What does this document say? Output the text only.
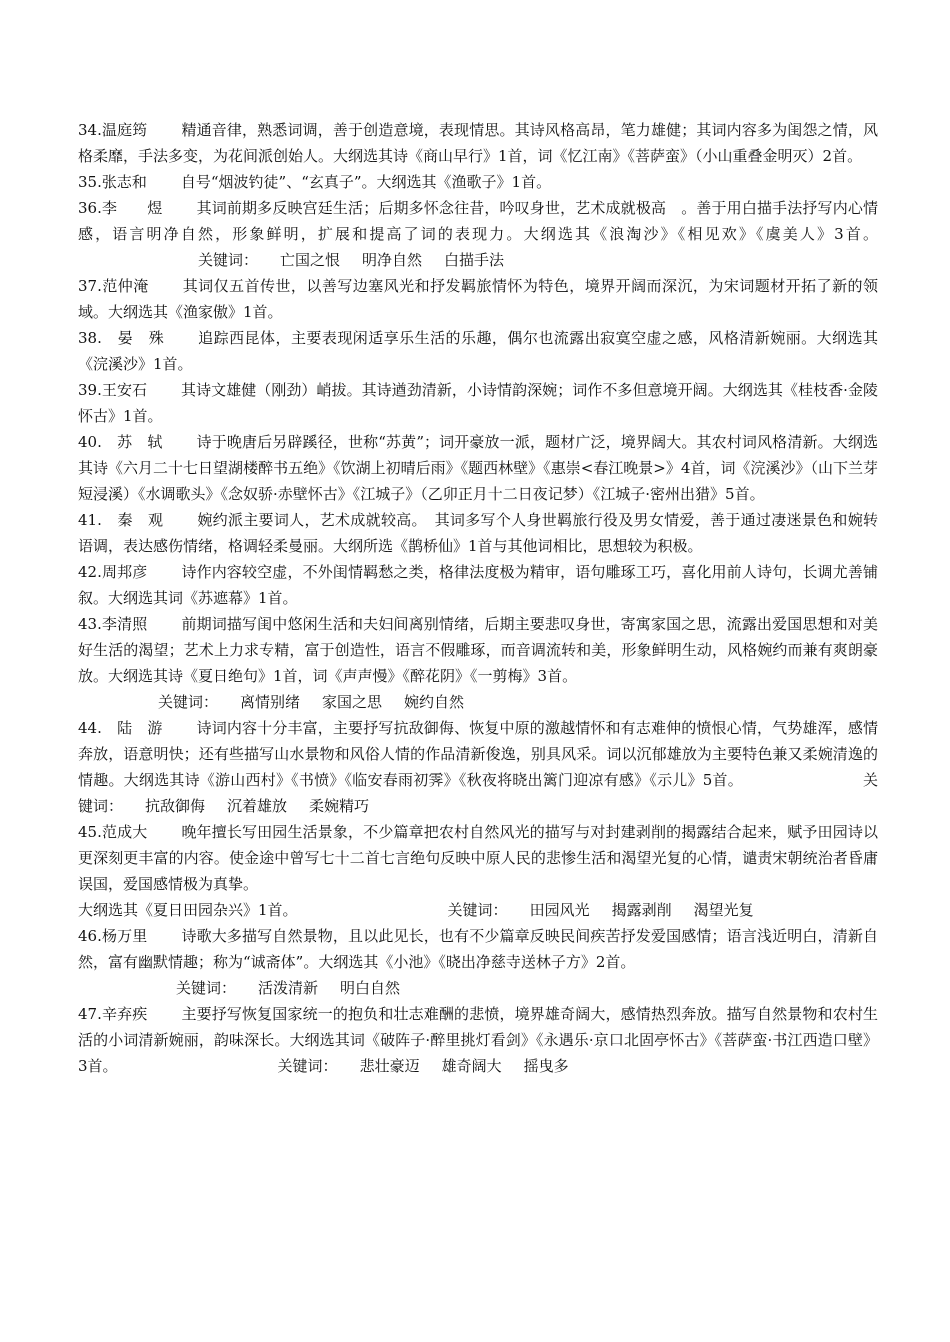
34.温庭筠 精通音律，熟悉词调，善于创造意境，表现情思。其诗风格高昂，笔力雄健；其词内容多为闺怨之情，风格柔靡，手法多变，为花间派创始人。大纲选其诗《商山早行》1首，词《忆江南》《菩萨蛮》（小山重叠金明灭）2首。

35.张志和 自号“烟波钓徒”、“玄真子”。大纲选其《渔歌子》1首。

36.李　　煜 其词前期多反映宫廷生活；后期多怀念往昔，吟叹身世，艺术成就极高　。善于用白描手法抒写内心情感，语言明净自然，形象鲜明，扩展和提高了词的表现力。大纲选其《浪淘沙》《相见欢》《虞美人》3首。关键词： 亡国之恨 明净自然 白描手法

37.范仲淹 其词仅五首传世，以善写边塞风光和抒发羁旅情怀为特色，境界开阔而深沉，为宋词题材开拓了新的领域。大纲选其《渔家傲》1首。

38.　晏　殊 追踪西昆体，主要表现闲适享乐生活的乐趣，偶尔也流露出寂寞空虚之感，风格清新婉丽。大纲选其《浣溪沙》1首。

39.王安石 其诗文雄健（刚劲）峭拔。其诗遒劲清新，小诗情韵深婉；词作不多但意境开阔。大纲选其《桂枝香·金陵怀古》1首。

40.　苏　轼 诗于晚唐后另辟蹊径，世称“苏黄”；词开豪放一派，题材广泛，境界阔大。其农村词风格清新。大纲选其诗《六月二十七日望湖楼醉书五绝》《饮湖上初晴后雨》《题西林壁》《惠崇<春江晚景>》4首，词《浣溪沙》（山下兰芽短浸溪）《水调歌头》《念奴骄·赤壁怀古》《江城子》（乙卯正月十二日夜记梦）《江城子·密州出猎》5首。

41.　秦　观 婉约派主要词人，艺术成就较高。　其词多写个人身世羁旅行役及男女情爱，善于通过凄迷景色和婉转语调，表达感伤情绪，格调轻柔曼丽。大纲所选《鹊桥仙》1首与其他词相比，思想较为积极。

42.周邦彦 诗作内容较空虚，不外闺情羁愁之类，格律法度极为精审，语句雕琢工巧，喜化用前人诗句，长调尤善铺叙。大纲选其词《苏遮幕》1首。

43.李清照 前期词描写闺中悠闲生活和夫妇间离别情绪，后期主要悲叹身世，寄寓家国之思，流露出爱国思想和对美好生活的渴望；艺术上力求专精，富于创造性，语言不假雕琢，而音调流转和美，形象鲜明生动，风格婉约而兼有爽朗豪放。大纲选其诗《夏日绝句》1首，词《声声慢》《醉花阴》《一剪梅》3首。
关键词： 离情别绪 家国之思 婉约自然

44.　陆　游 诗词内容十分丰富，主要抒写抗敌御侮、恢复中原的激越情怀和有志难伸的愤恨心情，气势雄浑，感情奔放，语意明快；还有些描写山水景物和风俗人情的作品清新俊逸，别具风采。词以沉郁雄放为主要特色兼又柔婉清逸的情趣。大纲选其诗《游山西村》《书愤》《临安春雨初霁》《秋夜将晓出篱门迎凉有感》《示儿》5首。	关键词： 抗敌御侮 沉着雄放 柔婉精巧

45.范成大 晚年擅长写田园生活景象，不少篇章把农村自然风光的描写与对封建剥削的揭露结合起来，赋予田园诗以更深刻更丰富的内容。使金途中曾写七十二首七言绝句反映中原人民的悲惨生活和渴望光复的心情，谴责宋朝统治者昏庸误国，爱国感情极为真挚。
大纲选其《夏日田园杂兴》1首。	关键词： 田园风光 揭露剥削 渴望光复

46.杨万里 诗歌大多描写自然景物，且以此见长，也有不少篇章反映民间疾苦抒发爱国感情；语言浅近明白，清新自然，富有幽默情趣；称为“诚斋体”。大纲选其《小池》《晓出净慈寺送林子方》2首。
关键词： 活泼清新 明白自然

47.辛弃疾 主要抒写恢复国家统一的抱负和壮志难酬的悲愤，境界雄奇阔大，感情热烈奔放。描写自然景物和农村生活的小词清新婉丽，韵味深长。大纲选其词《破阵子·醉里挑灯看剑》《永遇乐·京口北固亭怀古》《菩萨蛮·书江西造口壁》3首。	关键词： 悲壮豪迈 雄奇阔大 摇曳多
